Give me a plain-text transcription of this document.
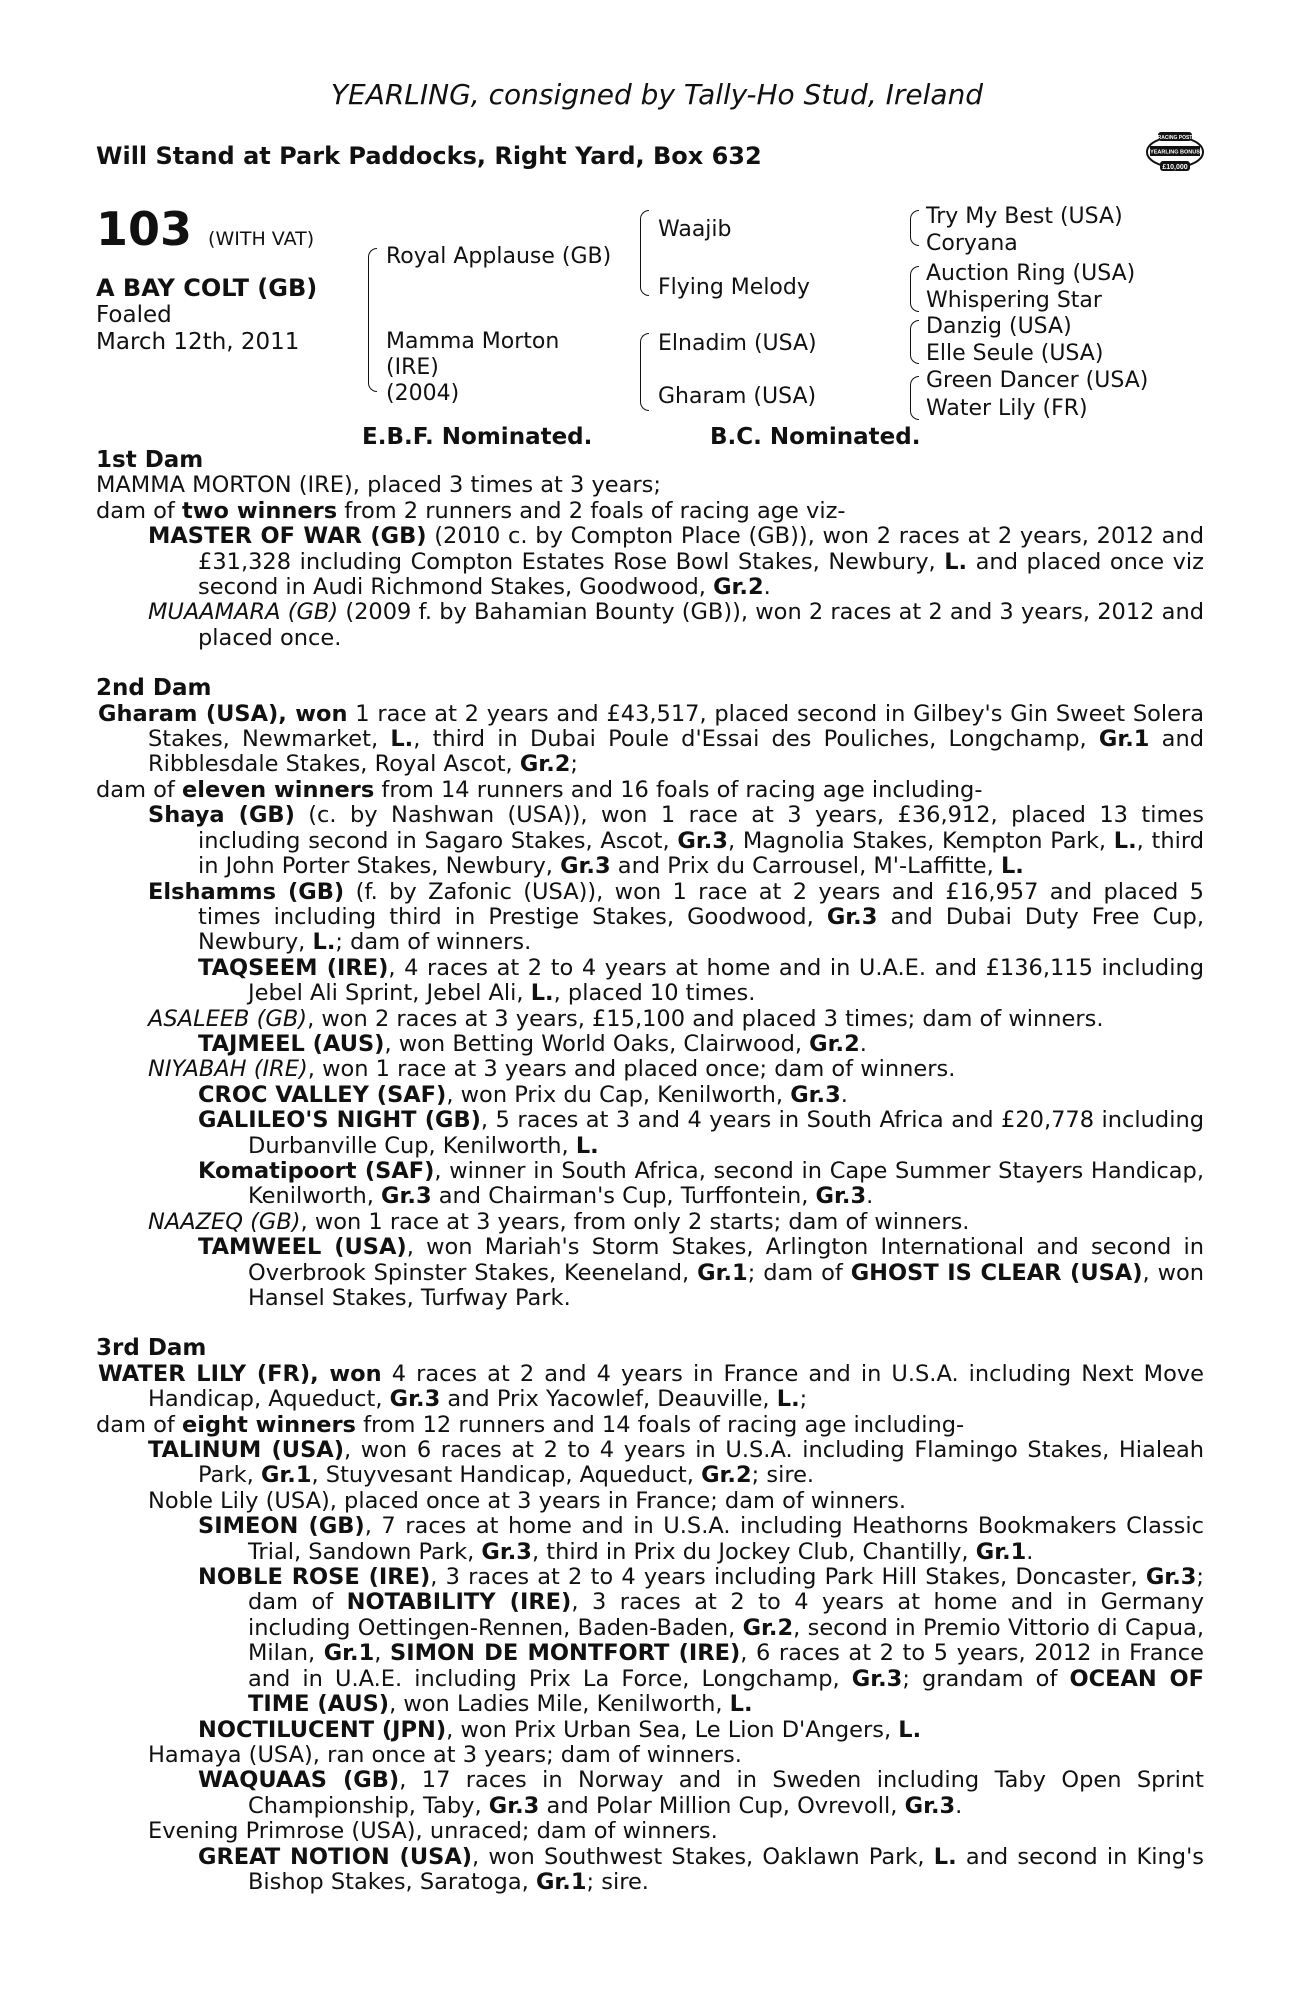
YEARLING, consigned by Tally-Ho Stud, Ireland
Will Stand at Park Paddocks, Right Yard, Box 632
RACING POST
YEARLING BONUS
£10,000
103 (WITH VAT)
A BAY COLT (GB)
Foaled
March 12th, 2011
Royal Applause (GB)
Mamma Morton
(IRE)
(2004)
Waajib
Flying Melody
Elnadim (USA)
Gharam (USA)
Try My Best (USA)
Coryana
Auction Ring (USA)
Whispering Star
Danzig (USA)
Elle Seule (USA)
Green Dancer (USA)
Water Lily (FR)
E.B.F. Nominated.	B.C. Nominated.

1st Dam

MAMMA MORTON (IRE), placed 3 times at 3 years;

dam of two winners from 2 runners and 2 foals of racing age viz-

MASTER OF WAR (GB) (2010 c. by Compton Place (GB)), won 2 races at 2 years, 2012 and £31,328 including Compton Estates Rose Bowl Stakes, Newbury, L. and placed once viz second in Audi Richmond Stakes, Goodwood, Gr.2.

MUAAMARA (GB) (2009 f. by Bahamian Bounty (GB)), won 2 races at 2 and 3 years, 2012 and placed once.

2nd Dam

Gharam (USA), won 1 race at 2 years and £43,517, placed second in Gilbey's Gin Sweet Solera Stakes, Newmarket, L., third in Dubai Poule d'Essai des Pouliches, Longchamp, Gr.1 and Ribblesdale Stakes, Royal Ascot, Gr.2;

dam of eleven winners from 14 runners and 16 foals of racing age including-

Shaya (GB) (c. by Nashwan (USA)), won 1 race at 3 years, £36,912, placed 13 times including second in Sagaro Stakes, Ascot, Gr.3, Magnolia Stakes, Kempton Park, L., third in John Porter Stakes, Newbury, Gr.3 and Prix du Carrousel, M'-Laffitte, L.

Elshamms (GB) (f. by Zafonic (USA)), won 1 race at 2 years and £16,957 and placed 5 times including third in Prestige Stakes, Goodwood, Gr.3 and Dubai Duty Free Cup, Newbury, L.; dam of winners.

TAQSEEM (IRE), 4 races at 2 to 4 years at home and in U.A.E. and £136,115 including Jebel Ali Sprint, Jebel Ali, L., placed 10 times.

ASALEEB (GB), won 2 races at 3 years, £15,100 and placed 3 times; dam of winners.

TAJMEEL (AUS), won Betting World Oaks, Clairwood, Gr.2.

NIYABAH (IRE), won 1 race at 3 years and placed once; dam of winners.

CROC VALLEY (SAF), won Prix du Cap, Kenilworth, Gr.3.

GALILEO'S NIGHT (GB), 5 races at 3 and 4 years in South Africa and £20,778 including Durbanville Cup, Kenilworth, L.

Komatipoort (SAF), winner in South Africa, second in Cape Summer Stayers Handicap, Kenilworth, Gr.3 and Chairman's Cup, Turffontein, Gr.3.

NAAZEQ (GB), won 1 race at 3 years, from only 2 starts; dam of winners.

TAMWEEL (USA), won Mariah's Storm Stakes, Arlington International and second in Overbrook Spinster Stakes, Keeneland, Gr.1; dam of GHOST IS CLEAR (USA), won Hansel Stakes, Turfway Park.

3rd Dam

WATER LILY (FR), won 4 races at 2 and 4 years in France and in U.S.A. including Next Move Handicap, Aqueduct, Gr.3 and Prix Yacowlef, Deauville, L.;

dam of eight winners from 12 runners and 14 foals of racing age including-

TALINUM (USA), won 6 races at 2 to 4 years in U.S.A. including Flamingo Stakes, Hialeah Park, Gr.1, Stuyvesant Handicap, Aqueduct, Gr.2; sire.

Noble Lily (USA), placed once at 3 years in France; dam of winners.

SIMEON (GB), 7 races at home and in U.S.A. including Heathorns Bookmakers Classic Trial, Sandown Park, Gr.3, third in Prix du Jockey Club, Chantilly, Gr.1.

NOBLE ROSE (IRE), 3 races at 2 to 4 years including Park Hill Stakes, Doncaster, Gr.3; dam of NOTABILITY (IRE), 3 races at 2 to 4 years at home and in Germany including Oettingen-Rennen, Baden-Baden, Gr.2, second in Premio Vittorio di Capua, Milan, Gr.1, SIMON DE MONTFORT (IRE), 6 races at 2 to 5 years, 2012 in France and in U.A.E. including Prix La Force, Longchamp, Gr.3; grandam of OCEAN OF TIME (AUS), won Ladies Mile, Kenilworth, L.

NOCTILUCENT (JPN), won Prix Urban Sea, Le Lion D'Angers, L.

Hamaya (USA), ran once at 3 years; dam of winners.

WAQUAAS (GB), 17 races in Norway and in Sweden including Taby Open Sprint Championship, Taby, Gr.3 and Polar Million Cup, Ovrevoll, Gr.3.

Evening Primrose (USA), unraced; dam of winners.

GREAT NOTION (USA), won Southwest Stakes, Oaklawn Park, L. and second in King's Bishop Stakes, Saratoga, Gr.1; sire.
